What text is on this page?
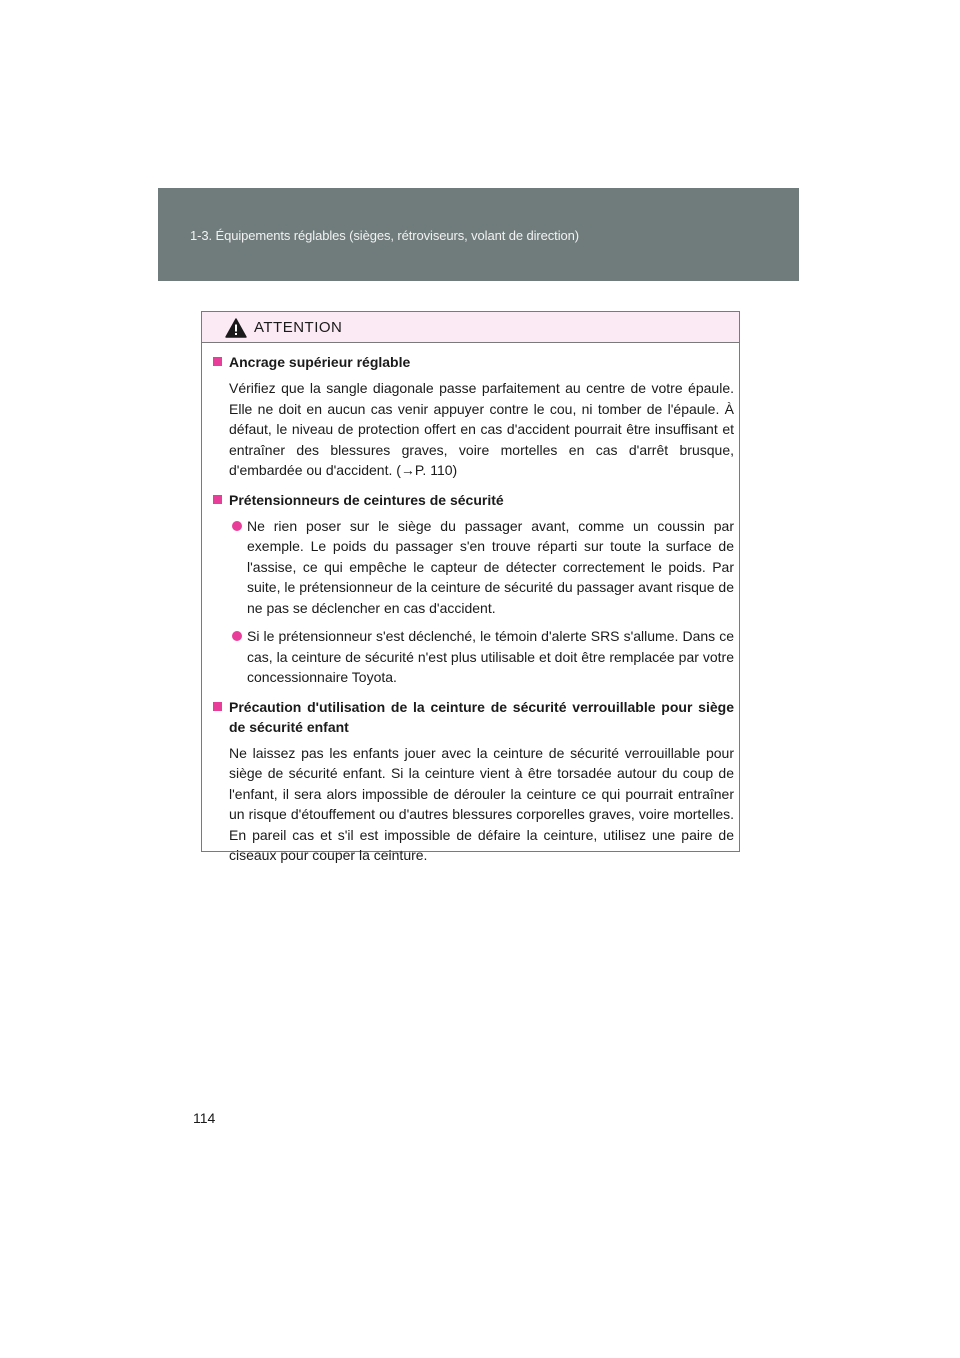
1-3. Équipements réglables (sièges, rétroviseurs, volant de direction)
ATTENTION
Ancrage supérieur réglable
Vérifiez que la sangle diagonale passe parfaitement au centre de votre épaule. Elle ne doit en aucun cas venir appuyer contre le cou, ni tomber de l'épaule. À défaut, le niveau de protection offert en cas d'accident pourrait être insuffisant et entraîner des blessures graves, voire mortelles en cas d'arrêt brusque, d'embardée ou d'accident. (→P. 110)
Prétensionneurs de ceintures de sécurité
Ne rien poser sur le siège du passager avant, comme un coussin par exemple. Le poids du passager s'en trouve réparti sur toute la surface de l'assise, ce qui empêche le capteur de détecter correctement le poids. Par suite, le prétensionneur de la ceinture de sécurité du passager avant risque de ne pas se déclencher en cas d'accident.
Si le prétensionneur s'est déclenché, le témoin d'alerte SRS s'allume. Dans ce cas, la ceinture de sécurité n'est plus utilisable et doit être remplacée par votre concessionnaire Toyota.
Précaution d'utilisation de la ceinture de sécurité verrouillable pour siège de sécurité enfant
Ne laissez pas les enfants jouer avec la ceinture de sécurité verrouillable pour siège de sécurité enfant. Si la ceinture vient à être torsadée autour du coup de l'enfant, il sera alors impossible de dérouler la ceinture ce qui pourrait entraîner un risque d'étouffement ou d'autres blessures corporelles graves, voire mortelles. En pareil cas et s'il est impossible de défaire la ceinture, utilisez une paire de ciseaux pour couper la ceinture.
114
